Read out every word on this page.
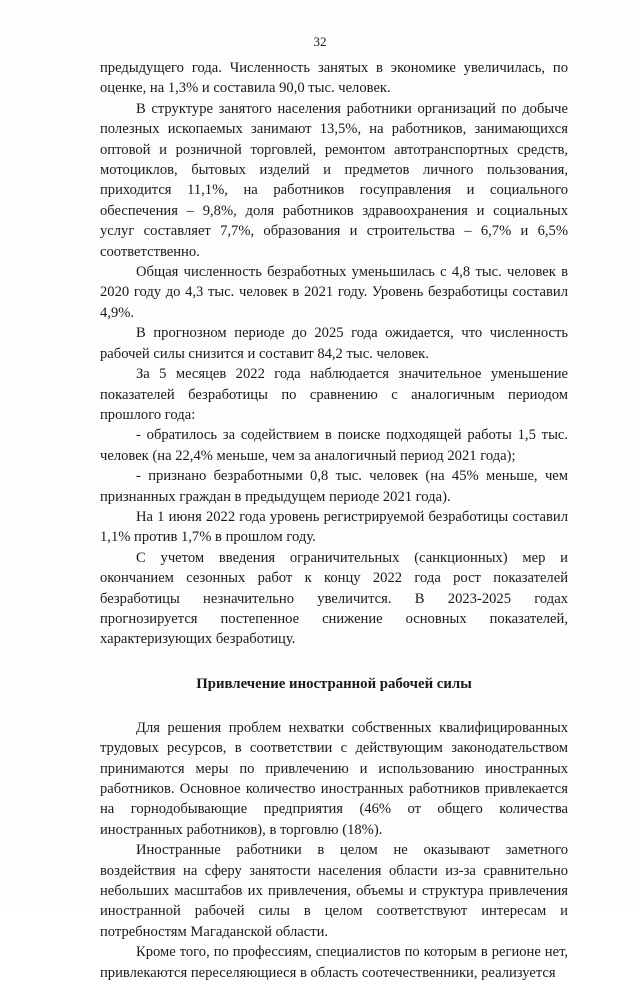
32

предыдущего года. Численность занятых в экономике увеличилась, по оценке, на 1,3% и составила 90,0 тыс. человек.

В структуре занятого населения работники организаций по добыче полезных ископаемых занимают 13,5%, на работников, занимающихся оптовой и розничной торговлей, ремонтом автотранспортных средств, мотоциклов, бытовых изделий и предметов личного пользования, приходится 11,1%, на работников госуправления и социального обеспечения – 9,8%, доля работников здравоохранения и социальных услуг составляет 7,7%, образования и строительства – 6,7% и 6,5% соответственно.

Общая численность безработных уменьшилась с 4,8 тыс. человек в 2020 году до 4,3 тыс. человек в 2021 году. Уровень безработицы составил 4,9%.

В прогнозном периоде до 2025 года ожидается, что численность рабочей силы снизится и составит 84,2 тыс. человек.

За 5 месяцев 2022 года наблюдается значительное уменьшение показателей безработицы по сравнению с аналогичным периодом прошлого года:

- обратилось за содействием в поиске подходящей работы 1,5 тыс. человек (на 22,4% меньше, чем за аналогичный период 2021 года);

- признано безработными 0,8 тыс. человек (на 45% меньше, чем признанных граждан в предыдущем периоде 2021 года).

На 1 июня 2022 года уровень регистрируемой безработицы составил 1,1% против 1,7% в прошлом году.

С учетом введения ограничительных (санкционных) мер и окончанием сезонных работ к концу 2022 года рост показателей безработицы незначительно увеличится. В 2023-2025 годах прогнозируется постепенное снижение основных показателей, характеризующих безработицу.

Привлечение иностранной рабочей силы

Для решения проблем нехватки собственных квалифицированных трудовых ресурсов, в соответствии с действующим законодательством принимаются меры по привлечению и использованию иностранных работников. Основное количество иностранных работников привлекается на горнодобывающие предприятия (46% от общего количества иностранных работников), в торговлю (18%).

Иностранные работники в целом не оказывают заметного воздействия на сферу занятости населения области из-за сравнительно небольших масштабов их привлечения, объемы и структура привлечения иностранной рабочей силы в целом соответствуют интересам и потребностям Магаданской области.

Кроме того, по профессиям, специалистов по которым в регионе нет, привлекаются переселяющиеся в область соотечественники, реализуется
